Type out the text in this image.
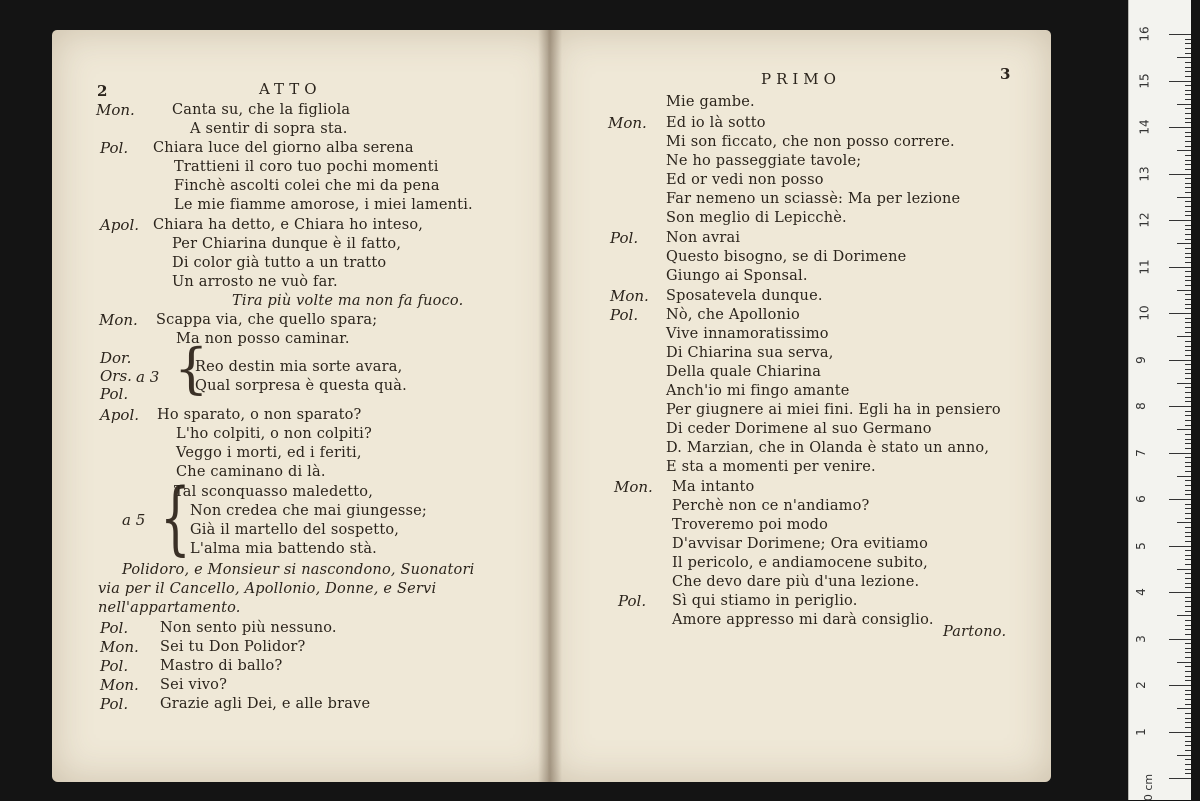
2	ATTO
Mon.	Canta su, che la figliola
A sentir di sopra sta.
Pol. Chiara luce del giorno alba serena
Trattieni il coro tuo pochi momenti
Finchè ascolti colei che mi da pena
Le mie fiamme amorose, i miei lamenti.
Apol. Chiara ha detto, e Chiara ho inteso,
Per Chiarina dunque è il fatto,
Di color già tutto a un tratto
Un arrosto ne vuò far.
Tira più volte ma non fa fuoco.
Mon. Scappa via, che quello spara;
Ma non posso caminar.
Dor.
Ors.
Pol.
a 3 {
Reo destin mia sorte avara,
Qual sorpresa è questa quà.
Apol. Ho sparato, o non sparato?
L'ho colpiti, o non colpiti?
Veggo i morti, ed i feriti,
Che caminano di là.
a 5 {
Tal sconquasso maledetto,
Non credea che mai giungesse;
Già il martello del sospetto,
L'alma mia battendo stà.
Polidoro, e Monsieur si nascondono, Suonatori
via per il Cancello, Apollonio, Donne, e Servi
nell'appartamento.
Pol. Non sento più nessuno.
Mon. Sei tu Don Polidor?
Pol. Mastro di ballo?
Mon. Sei vivo?
Pol. Grazie agli Dei, e alle brave
PRIMO	3
Mie gambe.
Mon. Ed io là sotto
Mi son ficcato, che non posso correre.
Ne ho passeggiate tavole;
Ed or vedi non posso
Far nemeno un sciassè: Ma per lezione
Son meglio di Lepicchè.
Pol. Non avrai
Questo bisogno, se di Dorimene
Giungo ai Sponsal.
Mon. Sposatevela dunque.
Pol. Nò, che Apollonio
Vive innamoratissimo
Di Chiarina sua serva,
Della quale Chiarina
Anch'io mi fingo amante
Per giugnere ai miei fini. Egli ha in pensiero
Di ceder Dorimene al suo Germano
D. Marzian, che in Olanda è stato un anno,
E sta a momenti per venire.
Mon. Ma intanto
Perchè non ce n'andiamo?
Troveremo poi modo
D'avvisar Dorimene; Ora evitiamo
Il pericolo, e andiamocene subito,
Che devo dare più d'una lezione.
Pol. Sì qui stiamo in periglio.
Amore appresso mi darà consiglio.
Partono.
0 cm
1
2
3
4
5
6
7
8
9
10
11
12
13
14
15
16
